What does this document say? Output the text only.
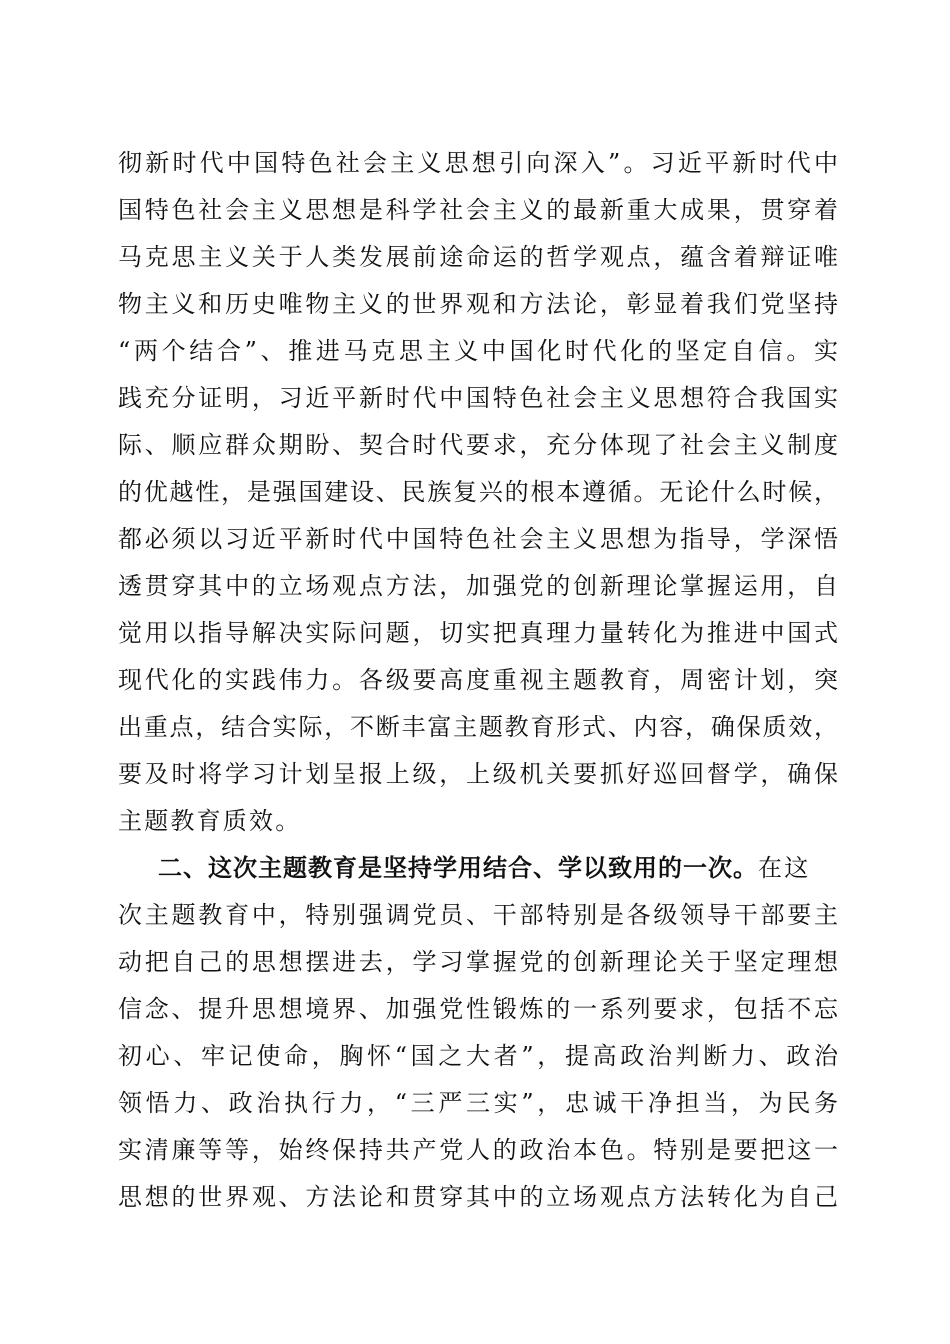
彻新时代中国特色社会主义思想引向深入”。习近平新时代中
国特色社会主义思想是科学社会主义的最新重大成果，贯穿着
马克思主义关于人类发展前途命运的哲学观点，蕴含着辩证唯
物主义和历史唯物主义的世界观和方法论，彰显着我们党坚持
“两个结合”、推进马克思主义中国化时代化的坚定自信。实
践充分证明，习近平新时代中国特色社会主义思想符合我国实
际、顺应群众期盼、契合时代要求，充分体现了社会主义制度
的优越性，是强国建设、民族复兴的根本遵循。无论什么时候，
都必须以习近平新时代中国特色社会主义思想为指导，学深悟
透贯穿其中的立场观点方法，加强党的创新理论掌握运用，自
觉用以指导解决实际问题，切实把真理力量转化为推进中国式
现代化的实践伟力。各级要高度重视主题教育，周密计划，突
出重点，结合实际，不断丰富主题教育形式、内容，确保质效，
要及时将学习计划呈报上级，上级机关要抓好巡回督学，确保
主题教育质效。
二、这次主题教育是坚持学用结合、学以致用的一次。在这
次主题教育中，特别强调党员、干部特别是各级领导干部要主
动把自己的思想摆进去，学习掌握党的创新理论关于坚定理想
信念、提升思想境界、加强党性锻炼的一系列要求，包括不忘
初心、牢记使命，胸怀“国之大者”，提高政治判断力、政治
领悟力、政治执行力，“三严三实”，忠诚干净担当，为民务
实清廉等等，始终保持共产党人的政治本色。特别是要把这一
思想的世界观、方法论和贯穿其中的立场观点方法转化为自己
